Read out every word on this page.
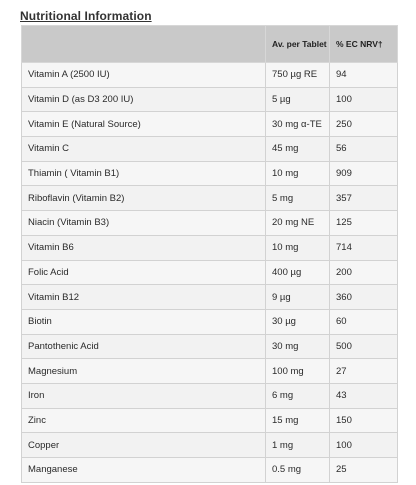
Nutritional Information
	Av. per Tablet	% EC NRV†
Vitamin A (2500 IU)	750 µg RE	94
Vitamin D (as D3 200 IU)	5 µg	100
Vitamin E (Natural Source)	30 mg α-TE	250
Vitamin C	45 mg	56
Thiamin ( Vitamin B1)	10 mg	909
Riboflavin (Vitamin B2)	5 mg	357
Niacin (Vitamin B3)	20 mg NE	125
Vitamin B6	10 mg	714
Folic Acid	400 µg	200
Vitamin B12	9 µg	360
Biotin	30 µg	60
Pantothenic Acid	30 mg	500
Magnesium	100 mg	27
Iron	6 mg	43
Zinc	15 mg	150
Copper	1 mg	100
Manganese	0.5 mg	25
